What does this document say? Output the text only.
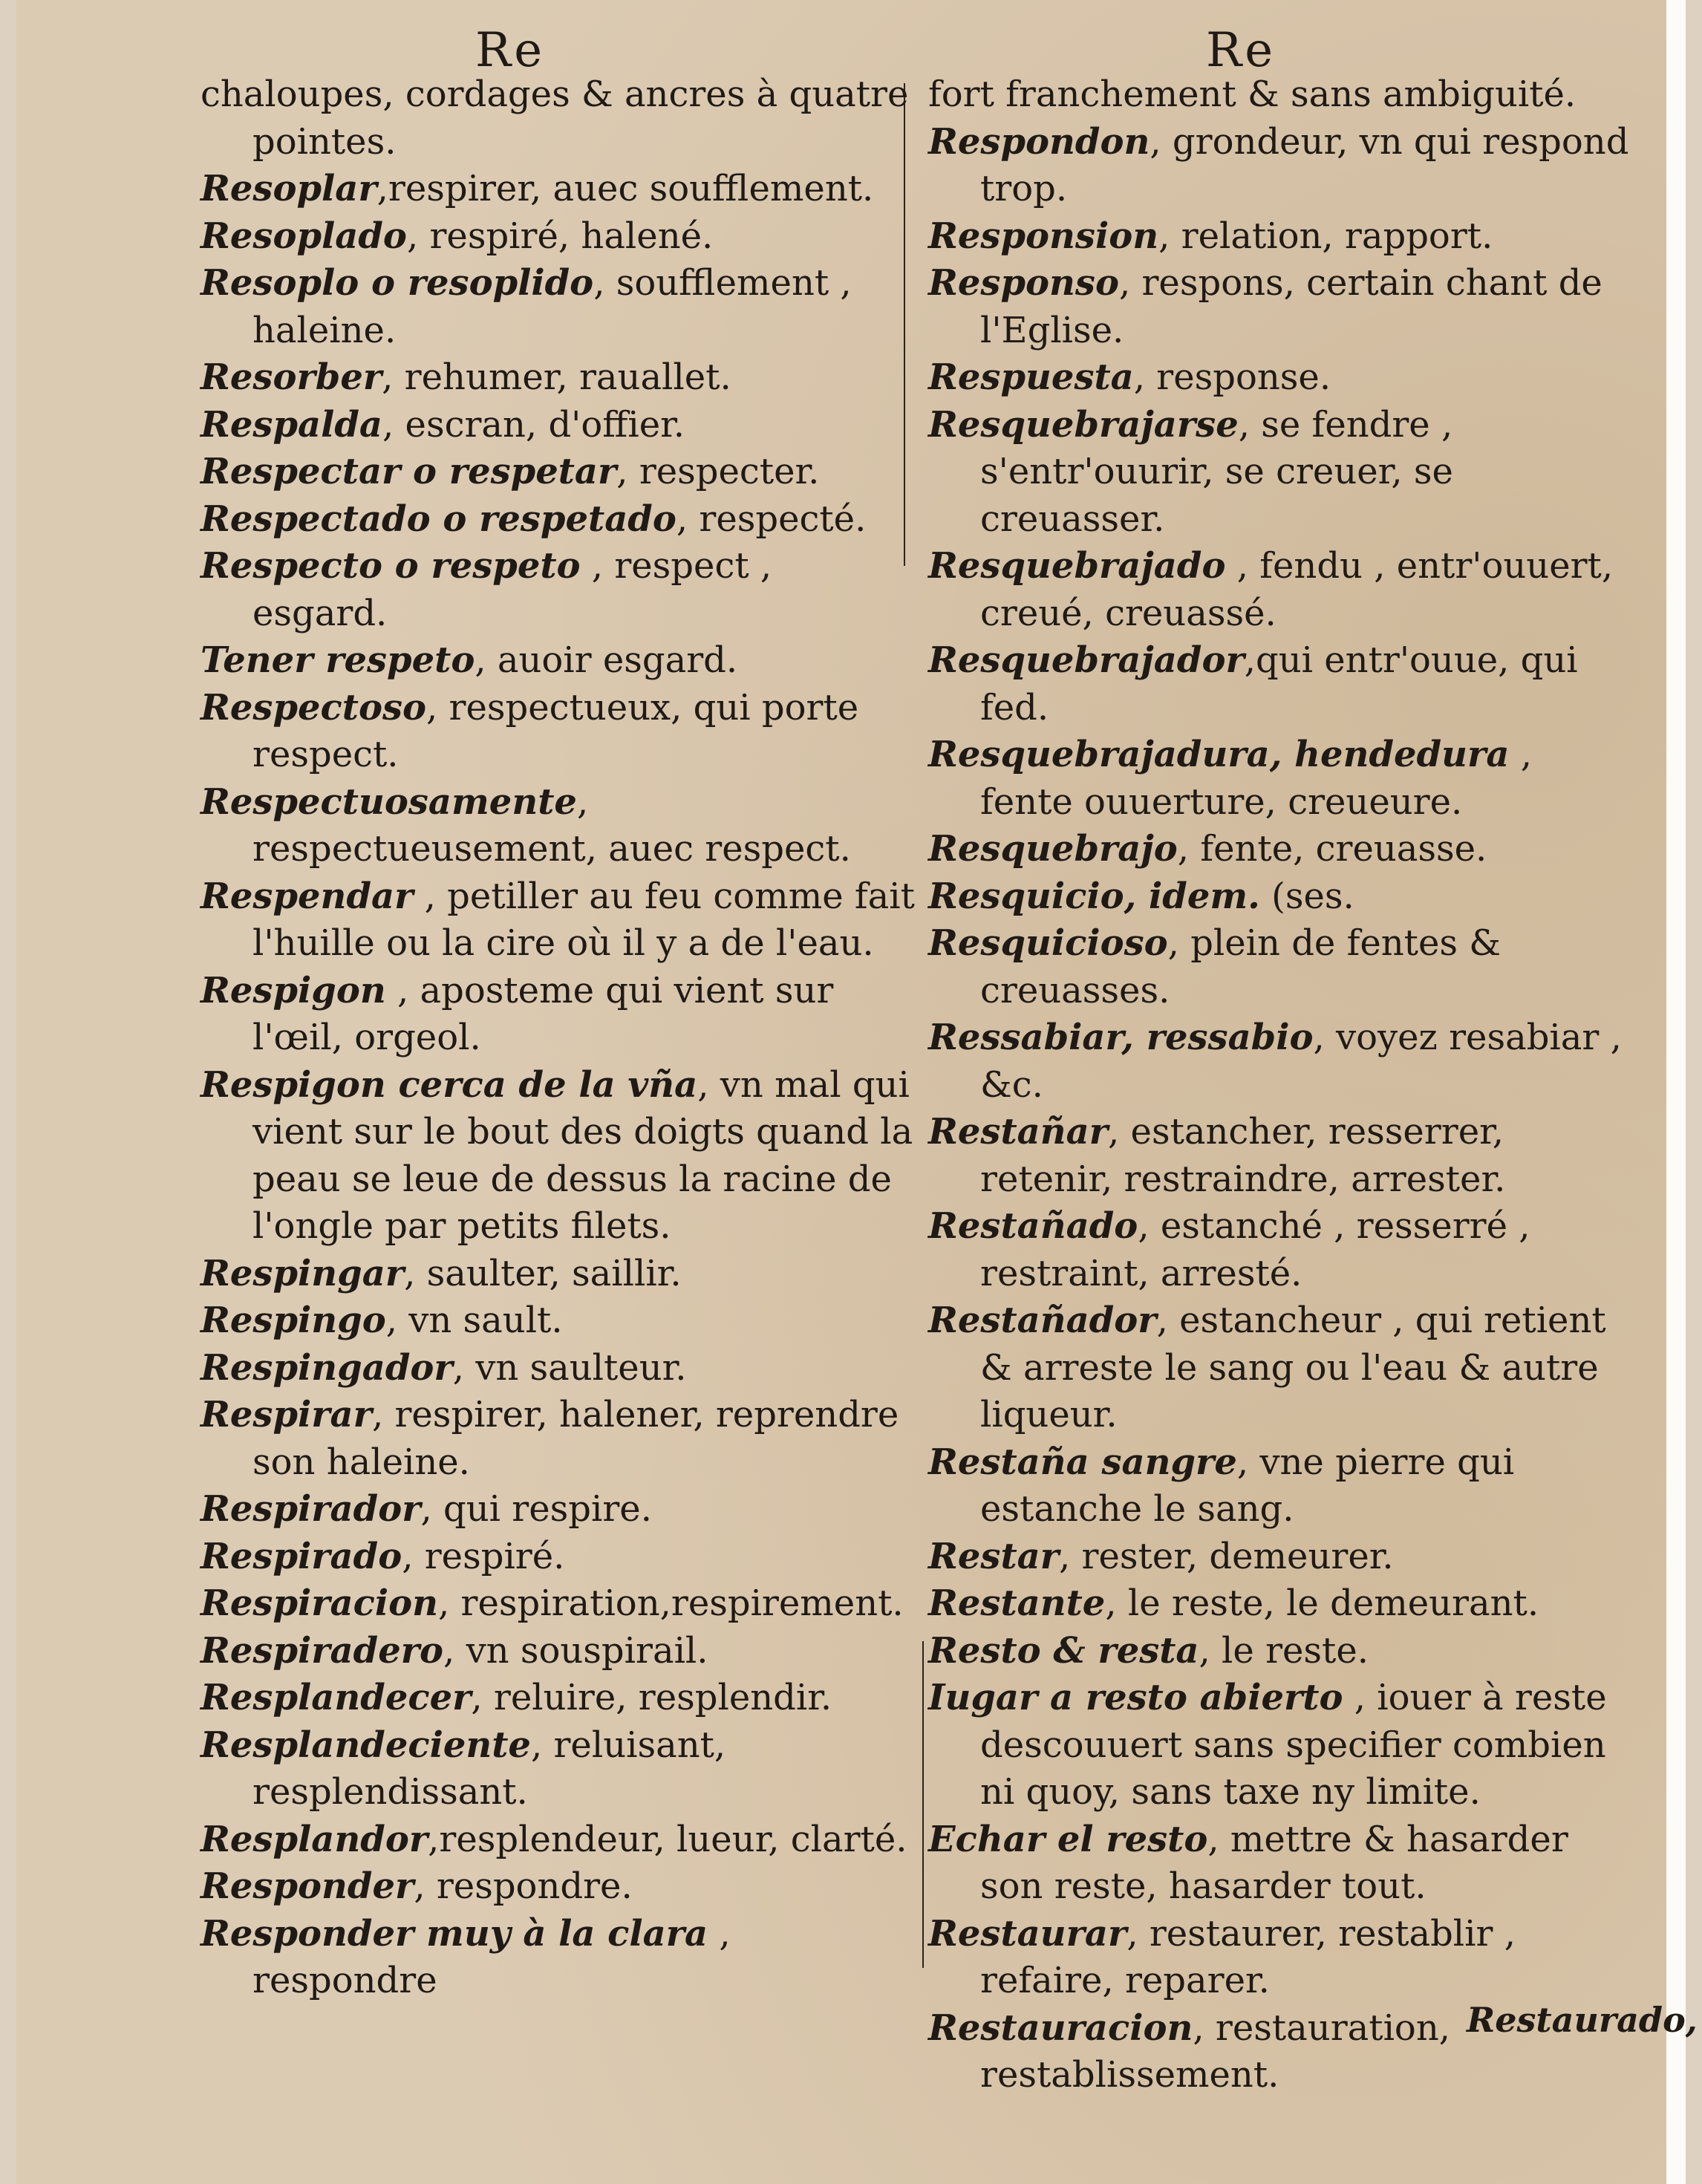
Re	Re

chaloupes, cordages & ancres à quatre pointes.

Resoplar,respirer, auec soufflement.

Resoplado, respiré, halené.

Resoplo o resoplido, soufflement , haleine.

Resorber, rehumer, rauallet.

Respalda, escran, d'offier.

Respectar o respetar, respecter.

Respectado o respetado, respecté.

Respecto o respeto , respect , esgard.

Tener respeto, auoir esgard.

Respectoso, respectueux, qui porte respect.

Respectuosamente, respectueusement, auec respect.

Respendar , petiller au feu comme fait l'huille ou la cire où il y a de l'eau.

Respigon , apostеme qui vient sur l'œil, orgeol.

Respigon cerca de la vña, vn mal qui vient sur le bout des doigts quand la peau se leue de dessus la racine de l'ongle par petits filets.

Respingar, saulter, saillir.

Respingo, vn sault.

Respingador, vn saulteur.

Respirar, respirer, halener, reprendre son haleine.

Respirador, qui respire.

Respirado, respiré.

Respiracion, respiration,respirement.

Respiradero, vn souspirail.

Resplandecer, reluire, resplendir.

Resplandeciente, reluisant, resplendissant.

Resplandor,resplendeur, lueur, clarté.

Responder, respondre.

Responder muy à la clara , respondre

fort franchement & sans ambiguité.

Respondon, grondeur, vn qui respond trop.

Responsion, relation, rapport.

Responso, respons, certain chant de l'Eglise.

Respuesta, response.

Resquebrajarse, se fendre , s'entr'ouurir, se creuer, se creuasser.

Resquebrajado , fendu , entr'ouuert, creué, creuassé.

Resquebrajador,qui entr'ouue, qui fed.

Resquebrajadura, hendedura , fente ouuerture, creueure.

Resquebrajo, fente, creuasse.

Resquicio, idem. (ses.

Resquicioso, plein de fentes & creuasses.

Ressabiar, ressabio, voyez resabiar , &c.

Restañar, estancher, resserrer, retenir, restraindre, arrester.

Restañado, estanché , resserré , restraint, arresté.

Restañador, estancheur , qui retient & arreste le sang ou l'eau & autre liqueur.

Restaña sangre, vne pierre qui estanche le sang.

Restar, rester, demeurer.

Restante, le reste, le demeurant.

Resto & resta, le reste.

Iugar a resto abierto , iouer à reste descouuert sans specifier combien ni quoy, sans taxe ny limite.

Echar el resto, mettre & hasarder son reste, hasarder tout.

Restaurar, restaurer, restablir , refaire, reparer.

Restauracion, restauration, restablissement.

Restaurado,
